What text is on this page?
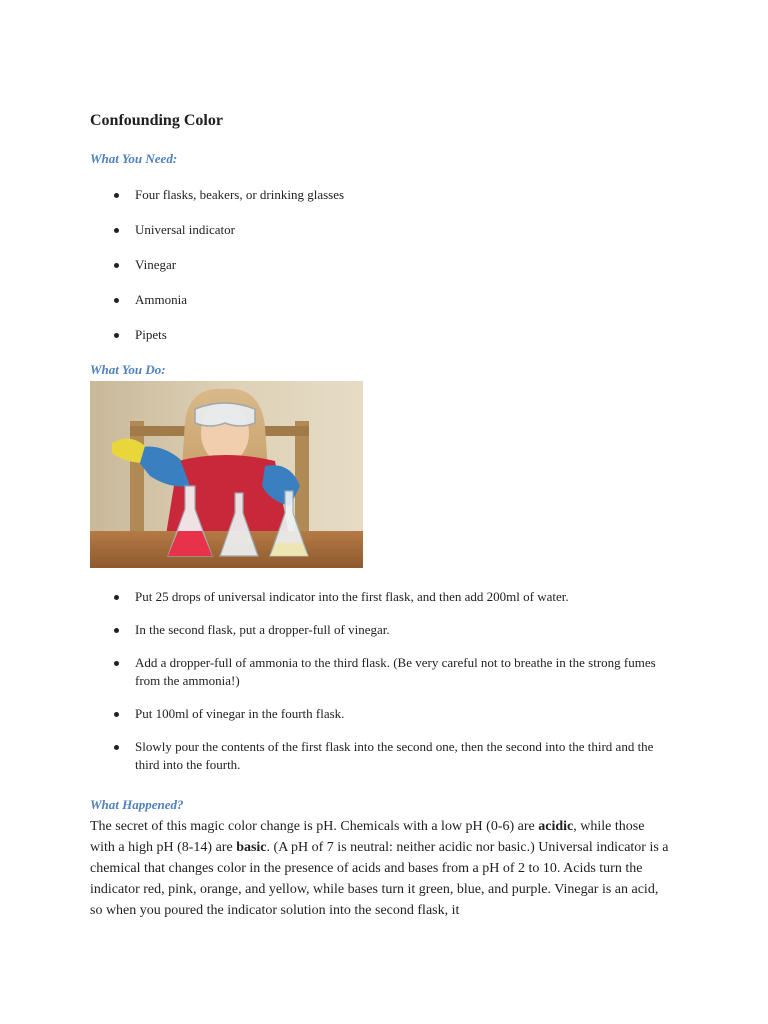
Confounding Color
What You Need:
Four flasks, beakers, or drinking glasses
Universal indicator
Vinegar
Ammonia
Pipets
What You Do:
Put 25 drops of universal indicator into the first flask, and then add 200ml of water.
In the second flask, put a dropper-full of vinegar.
Add a dropper-full of ammonia to the third flask. (Be very careful not to breathe in the strong fumes from the ammonia!)
Put 100ml of vinegar in the fourth flask.
Slowly pour the contents of the first flask into the second one, then the second into the third and the third into the fourth.
What Happened?

The secret of this magic color change is pH. Chemicals with a low pH (0-6) are acidic, while those with a high pH (8-14) are basic. (A pH of 7 is neutral: neither acidic nor basic.) Universal indicator is a chemical that changes color in the presence of acids and bases from a pH of 2 to 10. Acids turn the indicator red, pink, orange, and yellow, while bases turn it green, blue, and purple. Vinegar is an acid, so when you poured the indicator solution into the second flask, it
